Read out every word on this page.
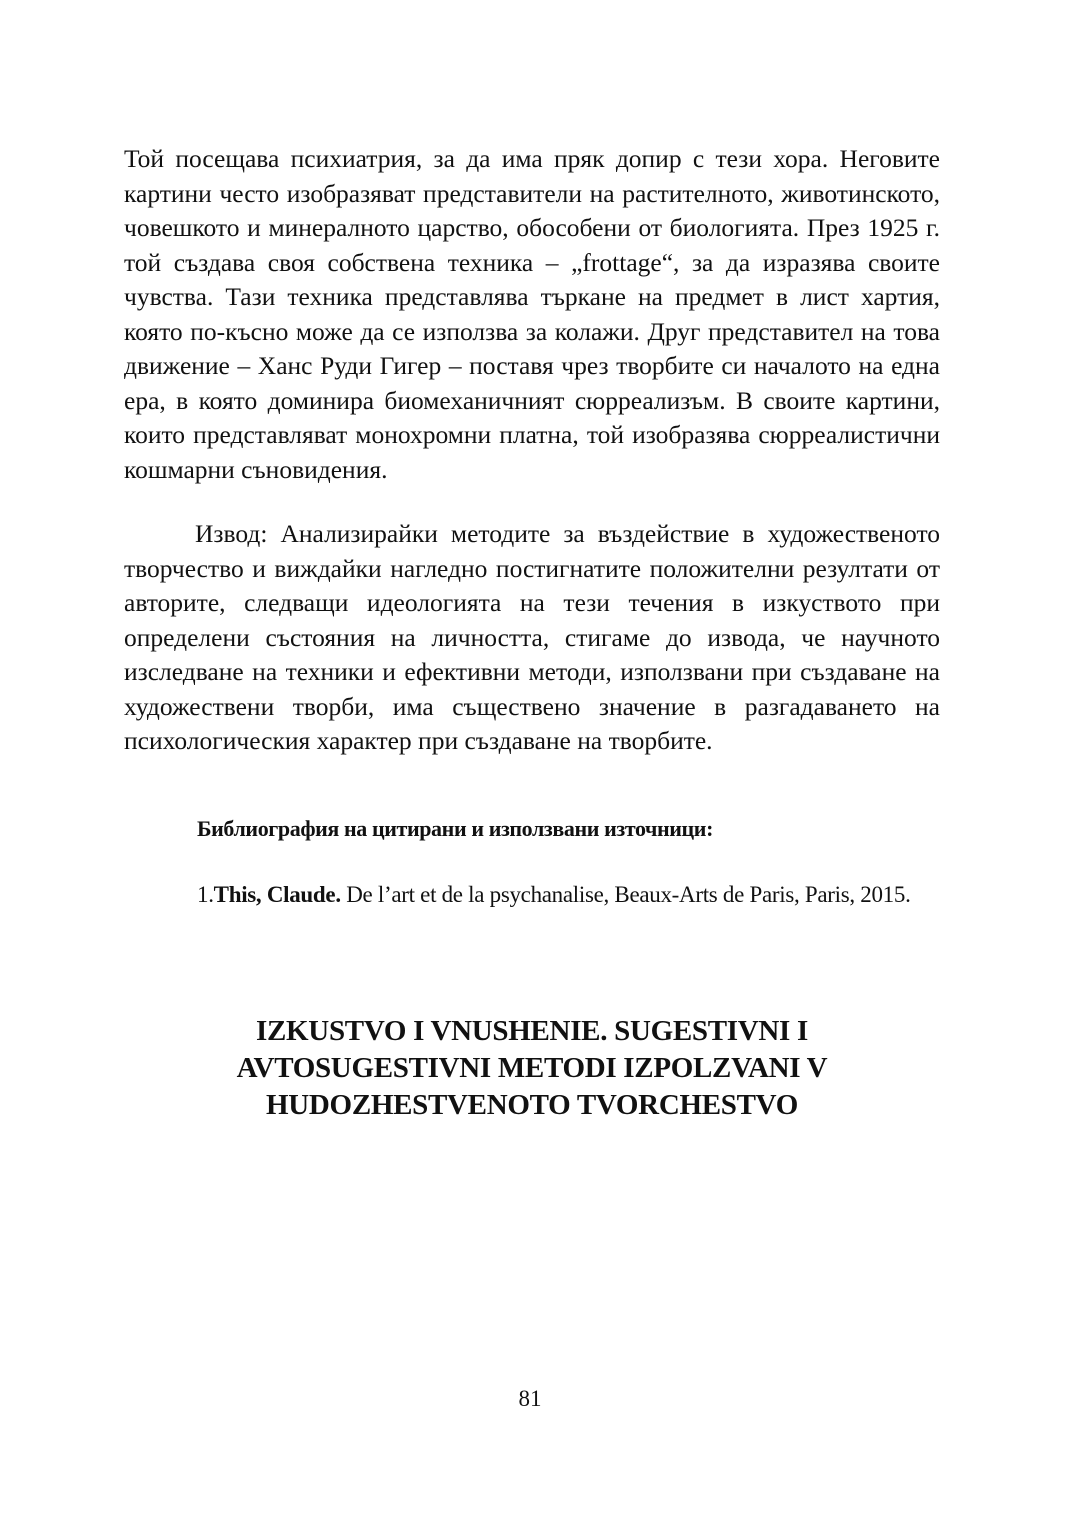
Той посещава психиатрия, за да има пряк допир с тези хора. Неговите картини често изобразяват представители на растителното, животинското, човешкото и минералното царство, обособени от биологията. През 1925 г. той създава своя собствена техника – „frottage“, за да изразява своите чувства. Тази техника представлява търкане на предмет в лист хартия, която по-късно може да се използва за колажи. Друг представител на това движение – Ханс Руди Гигер – поставя чрез творбите си началото на една ера, в която доминира биомеханичният сюрреализъм. В своите картини, които представляват монохромни платна, той изобразява сюрреалистични кошмарни съновидения.

Извод: Анализирайки методите за въздействие в художественото творчество и виждайки нагледно постигнатите положителни резултати от авторите, следващи идеологията на тези течения в изкуството при определени състояния на личността, стигаме до извода, че научното изследване на техники и ефективни методи, използвани при създаване на художествени творби, има съществено значение в разгадаването на психологическия характер при създаване на творбите.

Библиография на цитирани и използвани източници:

1.This, Claude. De l’art et de la psychanalise, Beaux-Arts de Paris, Paris, 2015.

IZKUSTVO I VNUSHENIE. SUGESTIVNI I
AVTOSUGESTIVNI METODI IZPOLZVANI V
HUDOZHESTVENOTO TVORCHESTVO

81
